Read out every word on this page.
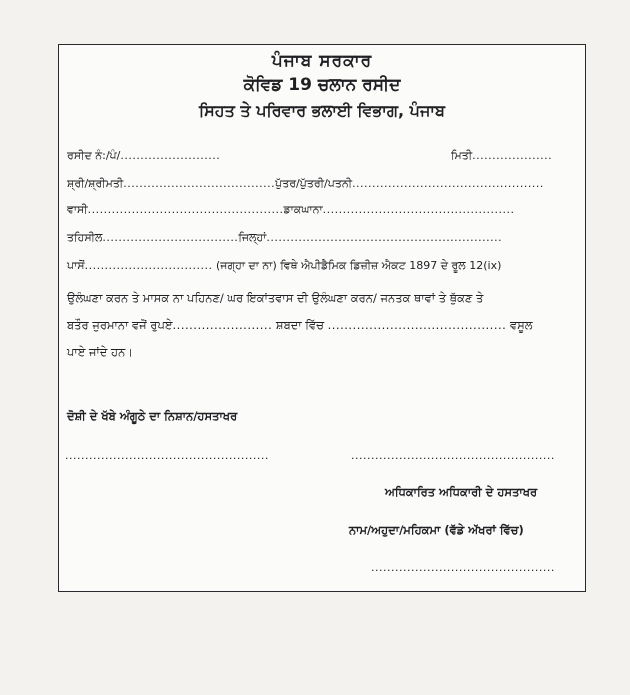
ਪੰਜਾਬ ਸਰਕਾਰ
ਕੋਵਿਡ 19 ਚਲਾਨ ਰਸੀਦ
ਸਿਹਤ ਤੇ ਪਰਿਵਾਰ ਭਲਾਈ ਵਿਭਾਗ, ਪੰਜਾਬ
ਰਸੀਦ ਨੰ:/ਪੰ/.........................	ਮਿਤੀ....................
ਸ਼੍ਰੀ/ਸ਼੍ਰੀਮਤੀ......................................ਪੁੱਤਰ/ਪੁੱਤਰੀ/ਪਤਨੀ................................................
ਵਾਸੀ.................................................ਡਾਕਘਾਨਾ................................................
ਤਹਿਸੀਲ..................................ਜਿਲ੍ਹਾਂ...........................................................
ਪਾਸੋਂ................................ (ਜਗ੍ਹਾ ਦਾ ਨਾ) ਵਿਥੇ ਐਪੀਡੈਮਿਕ ਡਿਜ਼ੀਜ਼ ਐਕਟ 1897 ਦੇ ਰੂਲ 12(ix)
ਉਲੰਘਣਾ ਕਰਨ ਤੇ ਮਾਸਕ ਨਾ ਪਹਿਨਣ/ ਘਰ ਇਕਾਂਤਵਾਸ ਦੀ ਉਲੰਘਣਾ ਕਰਨ/ ਜਨਤਕ ਥਾਵਾਂ ਤੇ ਥੁੱਕਣ ਤੇ
ਬਤੌਰ ਜੁਰਮਾਨਾ ਵਜੋਂ ਰੁਪਏ........................ ਸ਼ਬਦਾ ਵਿੱਚ ........................................... ਵਸੂਲ
ਪਾਏ ਜਾਂਦੇ ਹਨ।
ਦੋਸ਼ੀ ਦੇ ਖੱਬੇ ਅੰਗੂਠੇ ਦਾ ਨਿਸ਼ਾਨ/ਹਸਤਾਖਰ
...................................................	...................................................
ਅਧਿਕਾਰਿਤ ਅਧਿਕਾਰੀ ਦੇ ਹਸਤਾਖਰ
ਨਾਮ/ਅਹੁਦਾ/ਮਹਿਕਮਾ (ਵੱਡੇ ਅੱਖਰਾਂ ਵਿੱਚ)
..............................................
